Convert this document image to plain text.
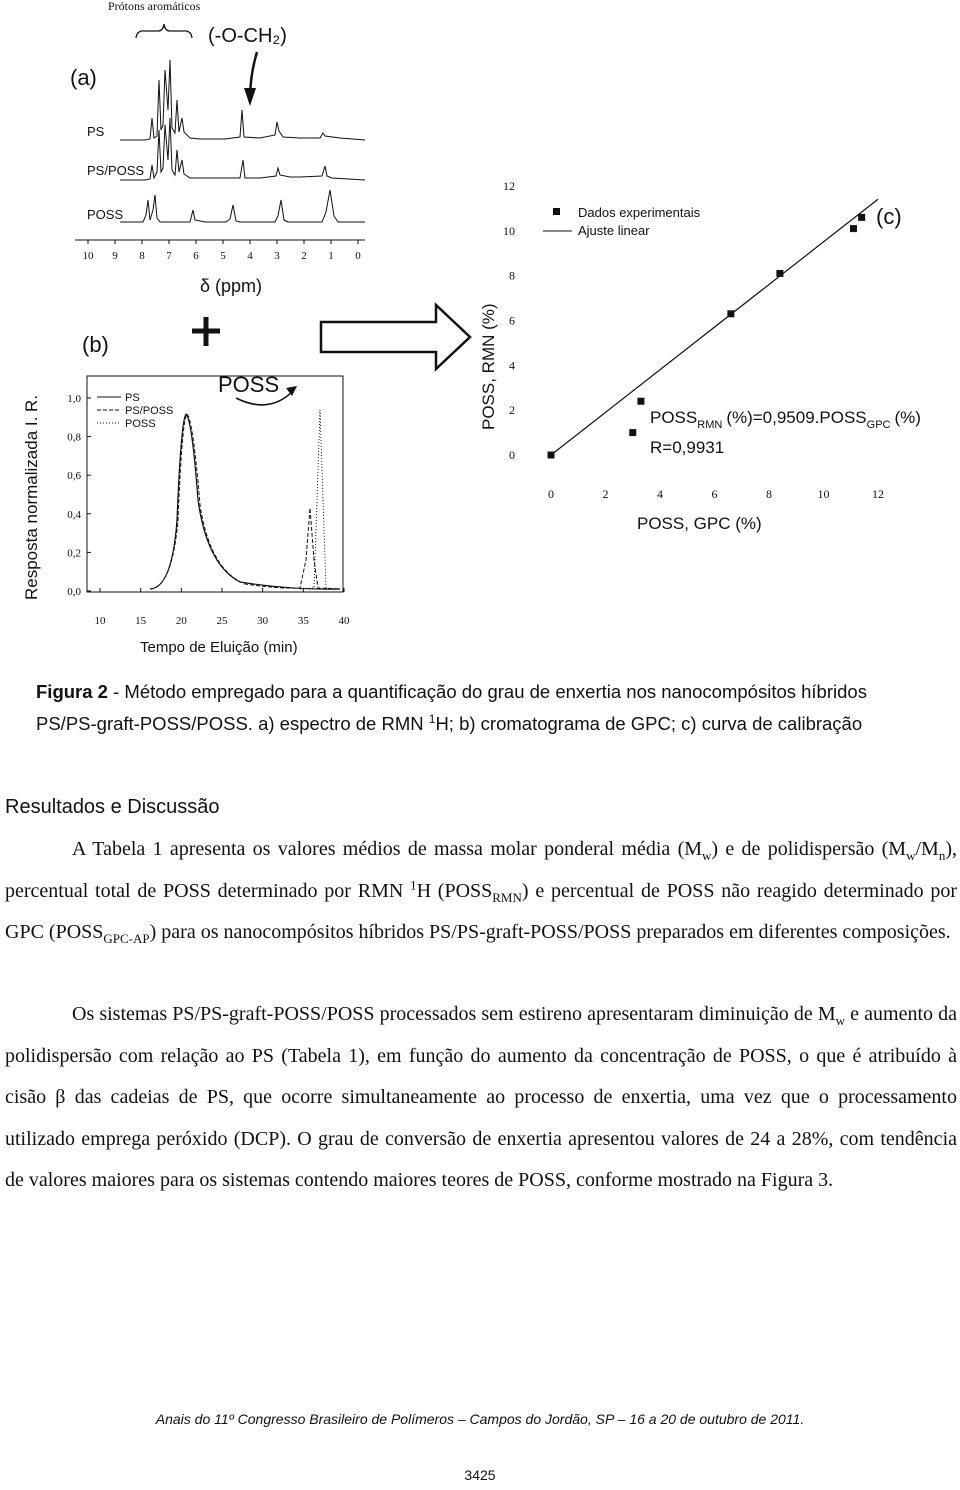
Prótons aromáticos
(-O-CH₂)
(a)
PS
PS/POSS
POSS
10 9 8 7 6 5 4 3 2 1 0
δ (ppm)
POSS
(b)
Resposta normalizada I. R. 1,0
0,8
0,6
0,4
0,2
0,0
10	15	20	25	30	35	40
Tempo de Eluição (min)
PS
PS/POSS
POSS	POSS, RMN (%)
0
2
4
6
8
10
12
0	2	4	6	8	10	12
POSS, GPC (%)
(c)
Dados experimentais
Ajuste linear
$POSS_{RMN}$ $(\%)=0,9509.POSS_{GPC}$ (%)
R=0,9931
Figura 2 - Método empregado para a quantificação do grau de enxertia nos nanocompósitos híbridos
PS/PS-graft-POSS/POSS. a) espectro de RMN $^1$H; b) cromatograma de GPC; c) curva de calibração
Resultados e Discussão
A Tabela 1 apresenta os valores médios de massa molar ponderal média $(M_w)$ e de polidispersão $(M_w/M_n)$, percentual total de POSS determinado por RMN $^1$H $(POSS_{RMN})$ e percentual de POSS não reagido determinado por GPC $(POSS_{GPC-AP})$ para os nanocompósitos híbridos PS/PS-graft-POSS/POSS preparados em diferentes composições.
Os sistemas PS/PS-graft-POSS/POSS processados sem estireno apresentaram diminuição de $M_w$ e aumento da polidispersão com relação ao PS (Tabela 1), em função do aumento da concentração de POSS, o que é atribuído à cisão β das cadeias de PS, que ocorre simultaneamente ao processo de enxertia, uma vez que o processamento utilizado emprega peróxido (DCP). O grau de conversão de enxertia apresentou valores de 24 a 28%, com tendência de valores maiores para os sistemas contendo maiores teores de POSS, conforme mostrado na Figura 3.
Anais do 11º Congresso Brasileiro de Polímeros – Campos do Jordão, SP – 16 a 20 de outubro de 2011.
3425
